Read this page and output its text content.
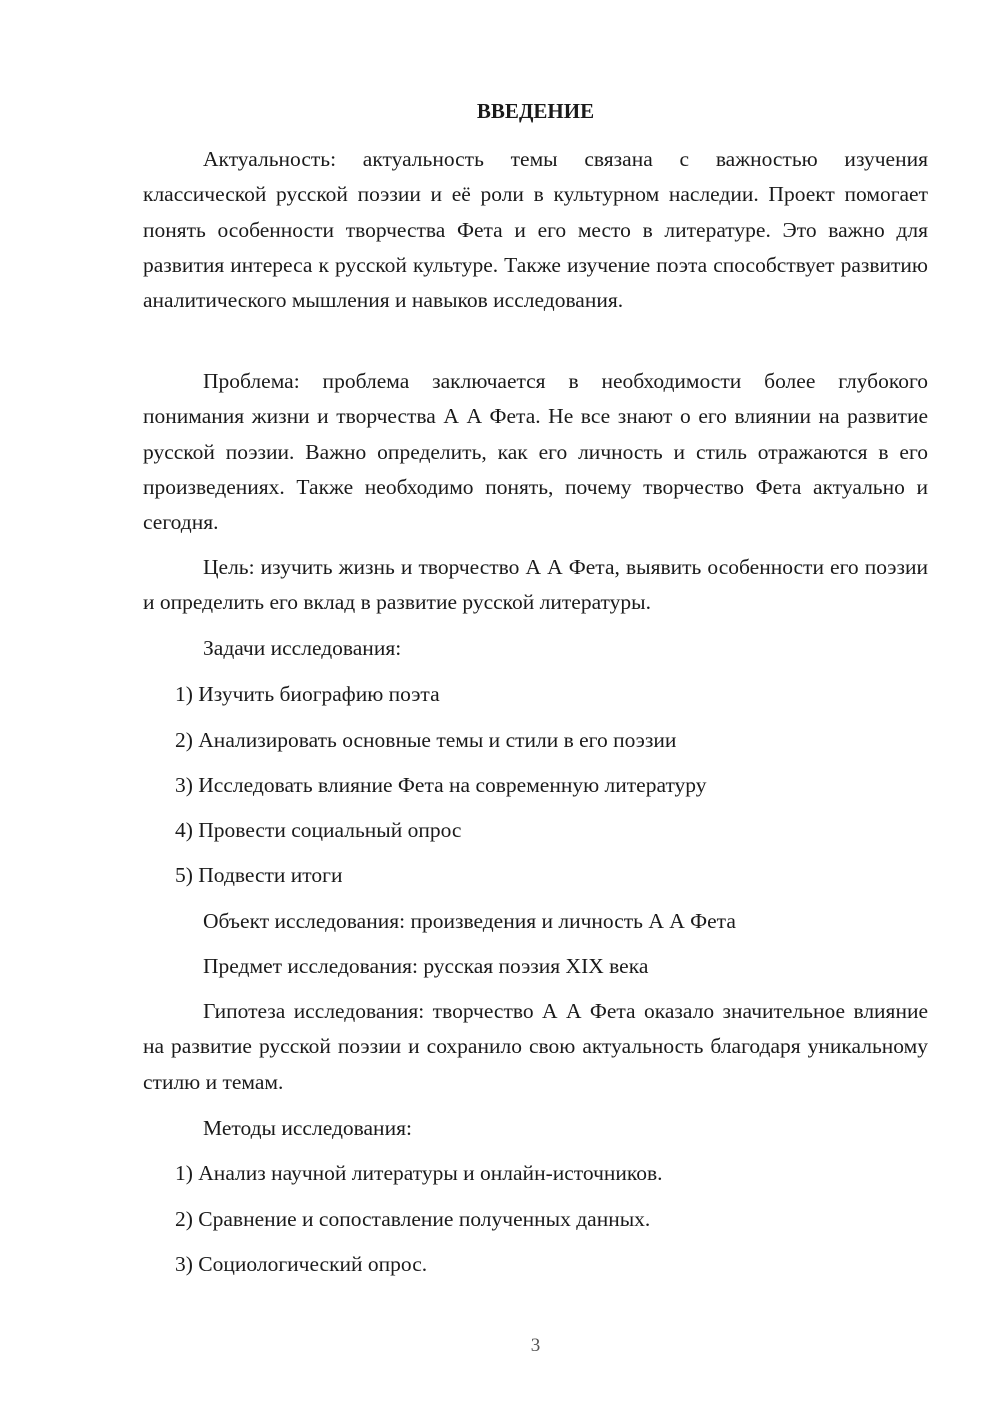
ВВЕДЕНИЕ

Актуальность: актуальность темы связана с важностью изучения классической русской поэзии и её роли в культурном наследии. Проект помогает понять особенности творчества Фета и его место в литературе. Это важно для развития интереса к русской культуре. Также изучение поэта способствует развитию аналитического мышления и навыков исследования.

Проблема: проблема заключается в необходимости более глубокого понимания жизни и творчества А А Фета. Не все знают о его влиянии на развитие русской поэзии. Важно определить, как его личность и стиль отражаются в его произведениях. Также необходимо понять, почему творчество Фета актуально и сегодня.

Цель: изучить жизнь и творчество А А Фета, выявить особенности его поэзии и определить его вклад в развитие русской литературы.

Задачи исследования:
1) Изучить биографию поэта
2) Анализировать основные темы и стили в его поэзии
3) Исследовать влияние Фета на современную литературу
4) Провести социальный опрос
5) Подвести итоги
Объект исследования: произведения и личность А А Фета
Предмет исследования: русская поэзия XIX века

Гипотеза исследования: творчество А А Фета оказало значительное влияние на развитие русской поэзии и сохранило свою актуальность благодаря уникальному стилю и темам.

Методы исследования:
1) Анализ научной литературы и онлайн-источников.
2) Сравнение и сопоставление полученных данных.
3) Социологический опрос.
3
